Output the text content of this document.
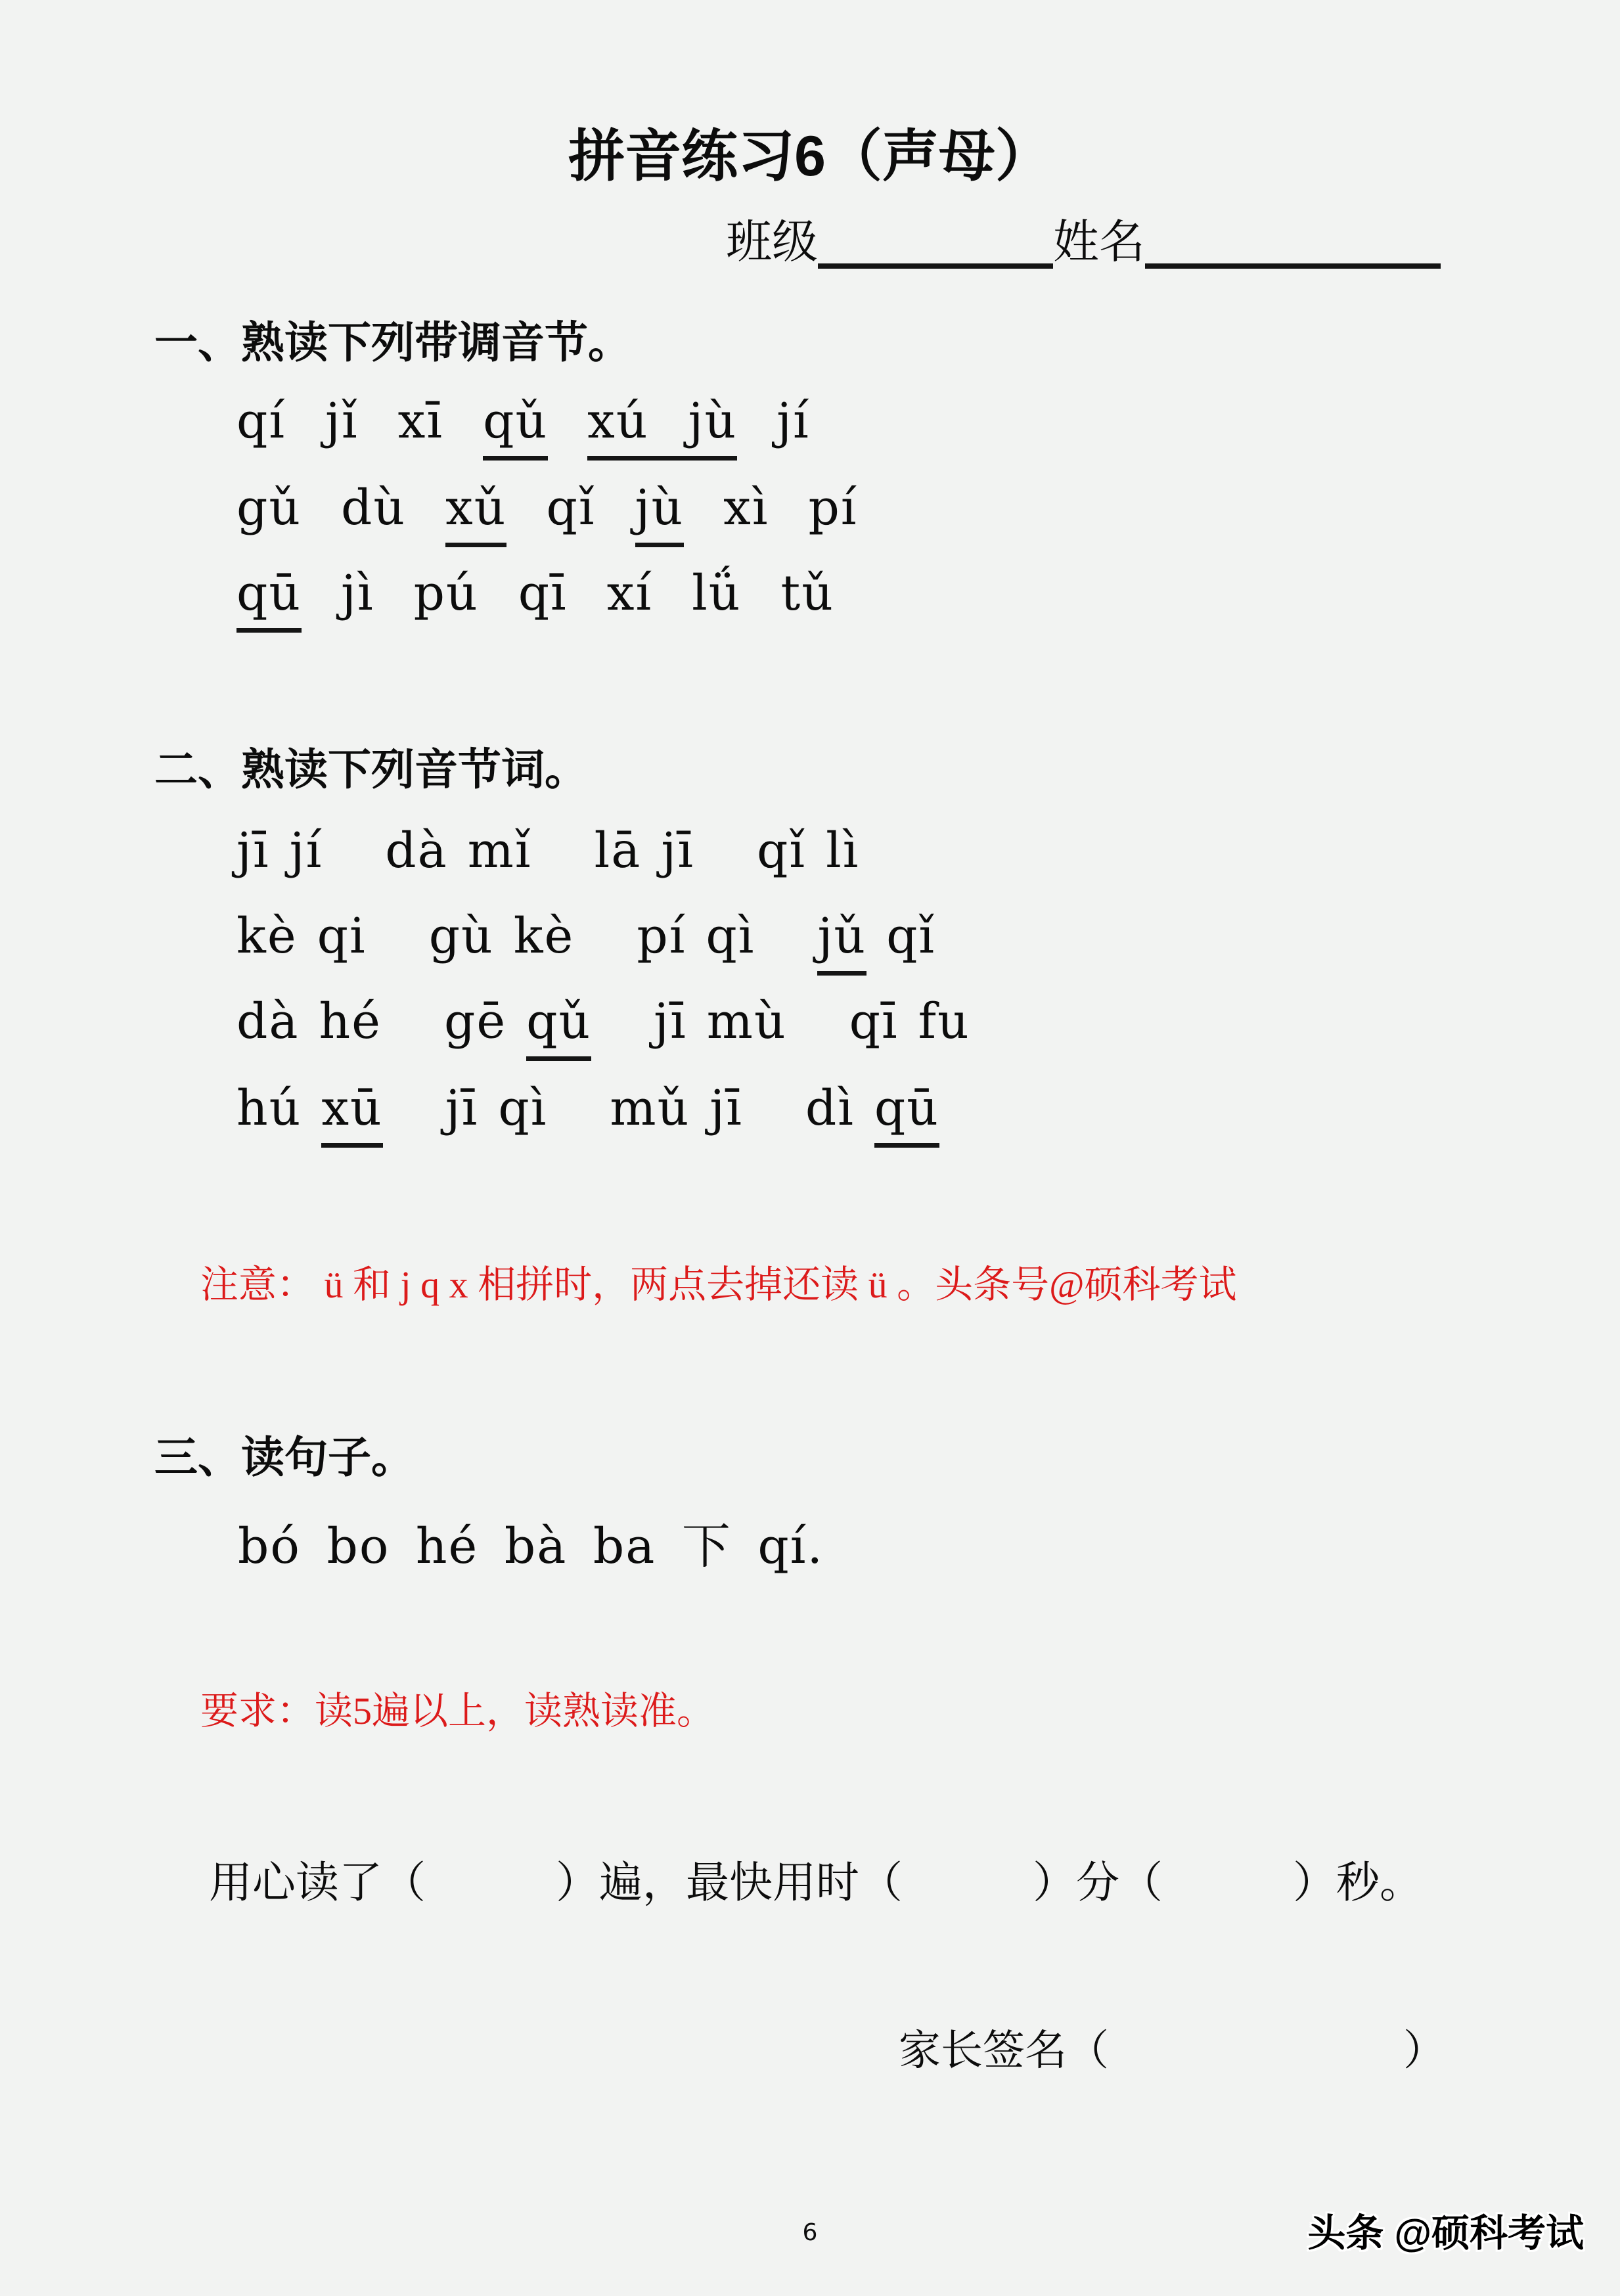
拼音练习6（声母）
班级	姓名
一、熟读下列带调音节。
qí jǐ xī qǔ xú jù jí
gǔ dù xǔ qǐ jù xì pí
qū jì pú qī xí lǘ tǔ
二、熟读下列音节词。
jī jí dà mǐ lā jī qǐ lì
kè qi gù kè pí qì jǔ qǐ
dà hé gē qǔ jī mù qī fu
hú xū jī qì mǔ jī dì qū
注意： ü 和 j q x 相拼时，两点去掉还读 ü 。头条号@硕科考试
三、读句子。
bó bo hé bà ba 下 qí.
要求：读5遍以上，读熟读准。
用心读了（　　　）遍，最快用时（　　　）分（　　　）秒。
家长签名（　　　　　　　）
6	头条 @硕科考试
